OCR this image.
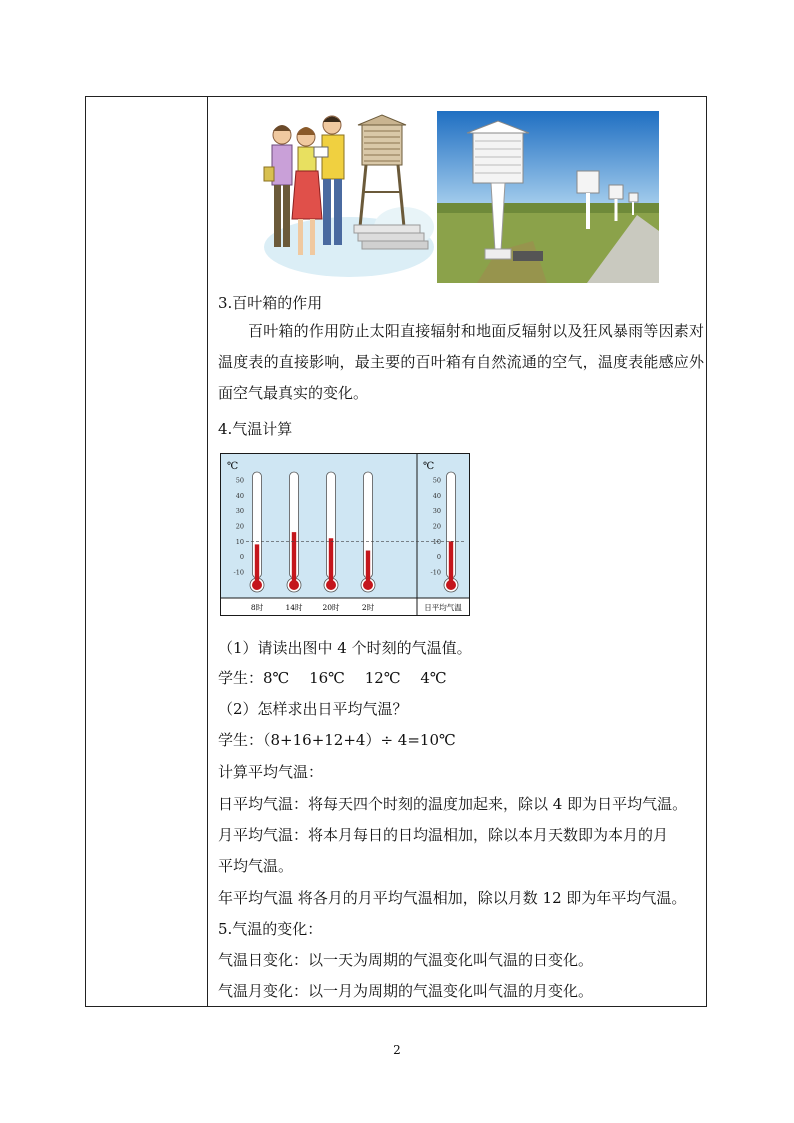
3.百叶箱的作用
百叶箱的作用防止太阳直接辐射和地面反辐射以及狂风暴雨等因素对温度表的直接影响，最主要的百叶箱有自然流通的空气，温度表能感应外面空气最真实的变化。
4.气温计算
℃	℃
50
40
30
20
10
0
-10
8时	14时	20时	2时
50
40
30
20
10
0
-10
日平均气温
（1）请读出图中 4 个时刻的气温值。
学生：8℃　 16℃　 12℃　 4℃
（2）怎样求出日平均气温？
学生：（8+16+12+4）÷ 4=10℃
计算平均气温：
日平均气温：将每天四个时刻的温度加起来，除以 4 即为日平均气温。
月平均气温：将本月每日的日均温相加，除以本月天数即为本月的月
平均气温。
年平均气温 将各月的月平均气温相加，除以月数 12 即为年平均气温。
5.气温的变化：
气温日变化：以一天为周期的气温变化叫气温的日变化。
气温月变化：以一月为周期的气温变化叫气温的月变化。
2
